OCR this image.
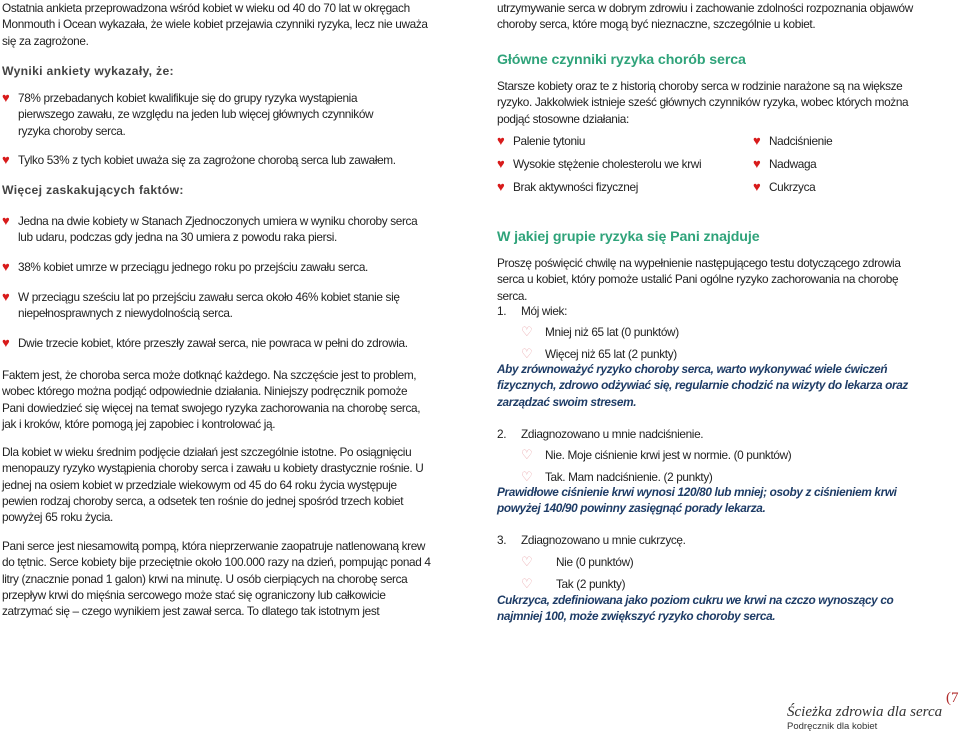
Ostatnia ankieta przeprowadzona wśród kobiet w wieku od 40 do 70 lat w okręgach Monmouth i Ocean wykazała, że wiele kobiet przejawia czynniki ryzyka, lecz nie uważa się za zagrożone.

Wyniki ankiety wykazały, że:

♥ 78% przebadanych kobiet kwalifikuje się do grupy ryzyka wystąpienia pierwszego zawału, ze względu na jeden lub więcej głównych czynników ryzyka choroby serca.

♥ Tylko 53% z tych kobiet uważa się za zagrożone chorobą serca lub zawałem.

Więcej zaskakujących faktów:

♥ Jedna na dwie kobiety w Stanach Zjednoczonych umiera w wyniku choroby serca lub udaru, podczas gdy jedna na 30 umiera z powodu raka piersi.

♥ 38% kobiet umrze w przeciągu jednego roku po przejściu zawału serca.

♥ W przeciągu sześciu lat po przejściu zawału serca około 46% kobiet stanie się niepełnosprawnych z niewydolnością serca.

♥ Dwie trzecie kobiet, które przeszły zawał serca, nie powraca w pełni do zdrowia.

Faktem jest, że choroba serca może dotknąć każdego. Na szczęście jest to problem, wobec którego można podjąć odpowiednie działania. Niniejszy podręcznik pomoże Pani dowiedzieć się więcej na temat swojego ryzyka zachorowania na chorobę serca, jak i kroków, które pomogą jej zapobiec i kontrolować ją.

Dla kobiet w wieku średnim podjęcie działań jest szczególnie istotne. Po osiągnięciu menopauzy ryzyko wystąpienia choroby serca i zawału u kobiety drastycznie rośnie. U jednej na osiem kobiet w przedziale wiekowym od 45 do 64 roku życia występuje pewien rodzaj choroby serca, a odsetek ten rośnie do jednej spośród trzech kobiet powyżej 65 roku życia.

Pani serce jest niesamowitą pompą, która nieprzerwanie zaopatruje natlenowaną krew do tętnic. Serce kobiety bije przeciętnie około 100.000 razy na dzień, pompując ponad 4 litry (znacznie ponad 1 galon) krwi na minutę. U osób cierpiących na chorobę serca przepływ krwi do mięśnia sercowego może stać się ograniczony lub całkowicie zatrzymać się – czego wynikiem jest zawał serca. To dlatego tak istotnym jest

utrzymywanie serca w dobrym zdrowiu i zachowanie zdolności rozpoznania objawów choroby serca, które mogą być nieznaczne, szczególnie u kobiet.

Główne czynniki ryzyka chorób serca

Starsze kobiety oraz te z historią choroby serca w rodzinie narażone są na większe ryzyko. Jakkolwiek istnieje sześć głównych czynników ryzyka, wobec których można podjąć stosowne działania:

♥ Palenie tytoniu

♥ Wysokie stężenie cholesterolu we krwi

♥ Brak aktywności fizycznej

♥ Nadciśnienie

♥ Nadwaga

♥ Cukrzyca

W jakiej grupie ryzyka się Pani znajduje

Proszę poświęcić chwilę na wypełnienie następującego testu dotyczącego zdrowia serca u kobiet, który pomoże ustalić Pani ogólne ryzyko zachorowania na chorobę serca.

1. Mój wiek:

♡ Mniej niż 65 lat (0 punktów)

♡ Więcej niż 65 lat (2 punkty)

Aby zrównoważyć ryzyko choroby serca, warto wykonywać wiele ćwiczeń fizycznych, zdrowo odżywiać się, regularnie chodzić na wizyty do lekarza oraz zarządzać swoim stresem.

2. Zdiagnozowano u mnie nadciśnienie.

♡ Nie. Moje ciśnienie krwi jest w normie. (0 punktów)

♡ Tak. Mam nadciśnienie. (2 punkty)

Prawidłowe ciśnienie krwi wynosi 120/80 lub mniej; osoby z ciśnieniem krwi powyżej 140/90 powinny zasięgnąć porady lekarza.

3. Zdiagnozowano u mnie cukrzycę.

♡ Nie (0 punktów)

♡ Tak (2 punkty)

Cukrzyca, zdefiniowana jako poziom cukru we krwi na czczo wynoszący co najmniej 100, może zwiększyć ryzyko choroby serca.

Ścieżka zdrowia dla serca
Podręcznik dla kobiet
(7
